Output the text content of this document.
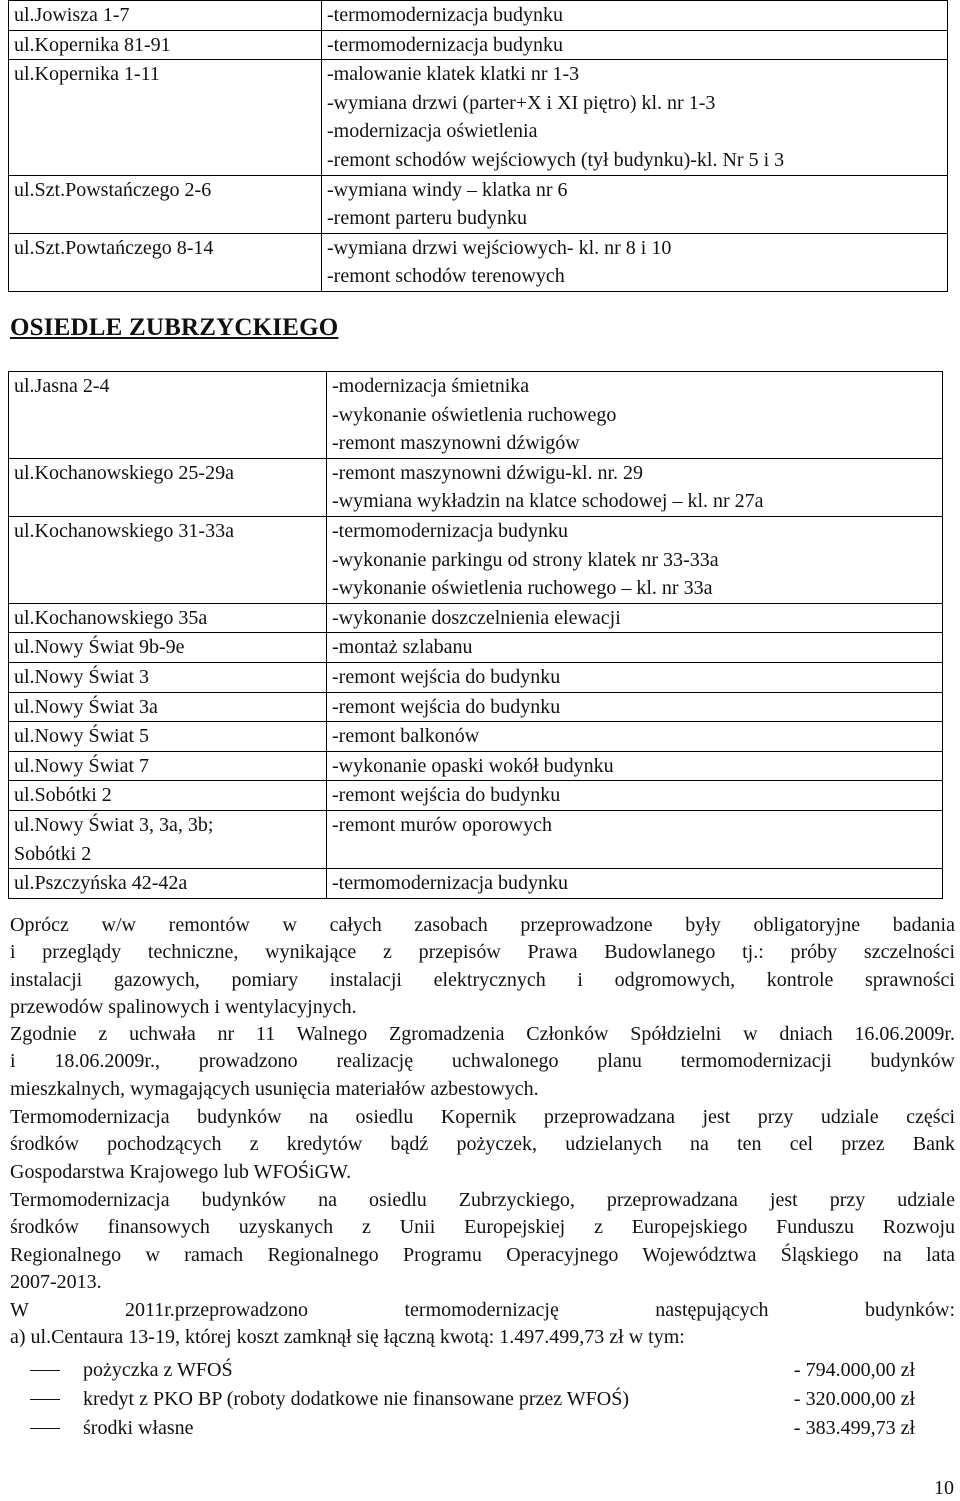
ul.Jowisza 1-7	-termomodernizacja budynku

ul.Kopernika 81-91	-termomodernizacja budynku

ul.Kopernika 1-11	-malowanie klatek klatki nr 1-3
-wymiana drzwi (parter+X i XI piętro) kl. nr 1-3
-modernizacja oświetlenia
-remont schodów wejściowych (tył budynku)-kl. Nr 5 i 3

ul.Szt.Powstańczego 2-6	-wymiana windy – klatka nr 6
-remont parteru budynku

ul.Szt.Powtańczego 8-14	-wymiana drzwi wejściowych- kl. nr 8 i 10
-remont schodów terenowych
OSIEDLE ZUBRZYCKIEGO
ul.Jasna 2-4	-modernizacja śmietnika
-wykonanie oświetlenia ruchowego
-remont maszynowni dźwigów

ul.Kochanowskiego 25-29a	-remont maszynowni dźwigu-kl. nr. 29
-wymiana wykładzin na klatce schodowej – kl. nr 27a

ul.Kochanowskiego 31-33a	-termomodernizacja budynku
-wykonanie parkingu od strony klatek nr 33-33a
-wykonanie oświetlenia ruchowego – kl. nr 33a

ul.Kochanowskiego 35a	-wykonanie doszczelnienia elewacji

ul.Nowy Świat 9b-9e	-montaż szlabanu

ul.Nowy Świat 3	-remont wejścia do budynku

ul.Nowy Świat 3a	-remont wejścia do budynku

ul.Nowy Świat 5	-remont balkonów

ul.Nowy Świat 7	-wykonanie opaski wokół budynku

ul.Sobótki 2	-remont wejścia do budynku

ul.Nowy Świat 3, 3a, 3b;
Sobótki 2	-remont murów oporowych

ul.Pszczyńska 42-42a	-termomodernizacja budynku
Oprócz w/w remontów w całych zasobach przeprowadzone były obligatoryjne badania
i przeglądy techniczne, wynikające z przepisów Prawa Budowlanego tj.: próby szczelności
instalacji gazowych, pomiary instalacji elektrycznych i odgromowych, kontrole sprawności
przewodów spalinowych i wentylacyjnych.
Zgodnie z uchwała nr 11 Walnego Zgromadzenia Członków Spółdzielni w dniach 16.06.2009r.
i 18.06.2009r., prowadzono realizację uchwalonego planu termomodernizacji budynków
mieszkalnych, wymagających usunięcia materiałów azbestowych.
Termomodernizacja budynków na osiedlu Kopernik przeprowadzana jest przy udziale części
środków pochodzących z kredytów bądź pożyczek, udzielanych na ten cel przez Bank
Gospodarstwa Krajowego lub WFOŚiGW.
Termomodernizacja budynków na osiedlu Zubrzyckiego, przeprowadzana jest przy udziale
środków finansowych uzyskanych z Unii Europejskiej z Europejskiego Funduszu Rozwoju
Regionalnego w ramach Regionalnego Programu Operacyjnego Województwa Śląskiego na lata
2007-2013.
W 2011r.przeprowadzono termomodernizację następujących budynków:
a) ul.Centaura 13-19, której koszt zamknął się łączną kwotą: 1.497.499,73 zł w tym:
pożyczka z WFOŚ	- 794.000,00 zł
kredyt z PKO BP (roboty dodatkowe nie finansowane przez WFOŚ)	- 320.000,00 zł
środki własne	- 383.499,73 zł
10
